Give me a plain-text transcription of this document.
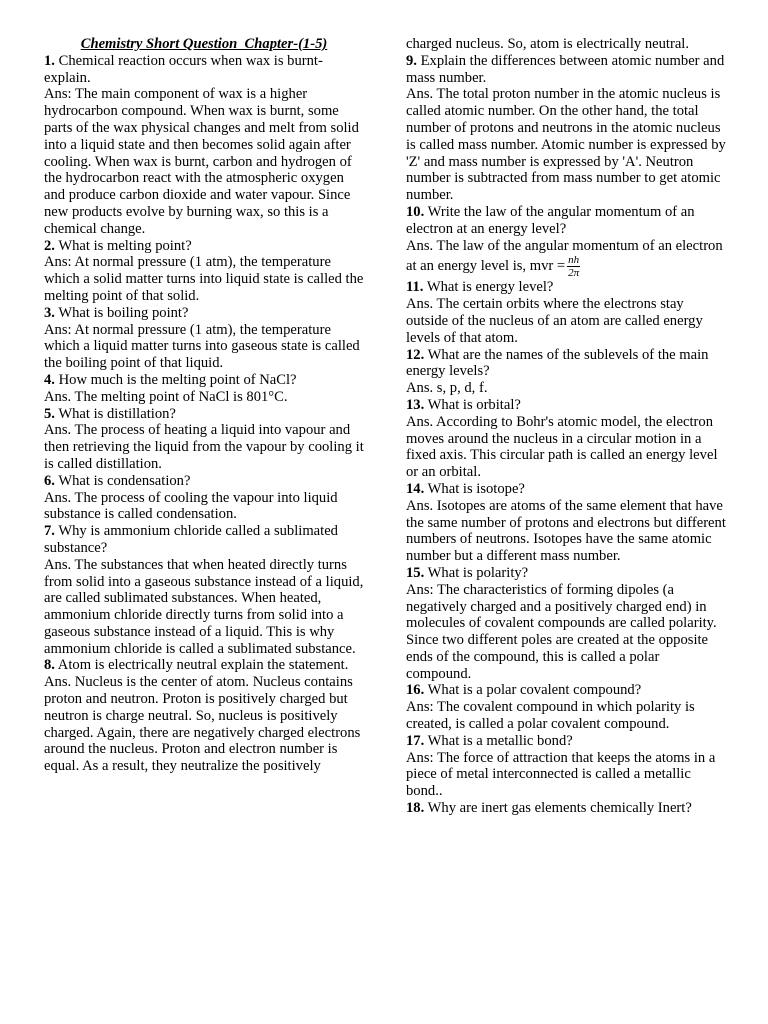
Chemistry Short Question  Chapter-(1-5)

1. Chemical reaction occurs when wax is burnt-explain.

Ans: The main component of wax is a higher hydrocarbon compound. When wax is burnt, some parts of the wax physical changes and melt from solid into a liquid state and then becomes solid again after cooling. When wax is burnt, carbon and hydrogen of the hydrocarbon react with the atmospheric oxygen and produce carbon dioxide and water vapour. Since new products evolve by burning wax, so this is a chemical change.

2. What is melting point?

Ans: At normal pressure (1 atm), the temperature which a solid matter turns into liquid state is called the melting point of that solid.

3. What is boiling point?

Ans: At normal pressure (1 atm), the temperature which a liquid matter turns into gaseous state is called the boiling point of that liquid.

4. How much is the melting point of NaCl?

Ans. The melting point of NaCl is 801°C.

5. What is distillation?

Ans. The process of heating a liquid into vapour and then retrieving the liquid from the vapour by cooling it is called distillation.

6. What is condensation?

Ans. The process of cooling the vapour into liquid substance is called condensation.

7. Why is ammonium chloride called a sublimated substance?

Ans. The substances that when heated directly turns from solid into a gaseous substance instead of a liquid, are called sublimated substances. When heated, ammonium chloride directly turns from solid into a gaseous substance instead of a liquid. This is why ammonium chloride is called a sublimated substance.

8. Atom is electrically neutral explain the statement.

Ans. Nucleus is the center of atom. Nucleus contains proton and neutron. Proton is positively charged but neutron is charge neutral. So, nucleus is positively charged. Again, there are negatively charged electrons around the nucleus. Proton and electron number is equal. As a result, they neutralize the positively

charged nucleus. So, atom is electrically neutral.

9. Explain the differences between atomic number and mass number.

Ans. The total proton number in the atomic nucleus is called atomic number. On the other hand, the total number of protons and neutrons in the atomic nucleus is called mass number. Atomic number is expressed by 'Z' and mass number is expressed by 'A'. Neutron number is subtracted from mass number to get atomic number.

10. Write the law of the angular momentum of an electron at an energy level?

Ans. The law of the angular momentum of an electron at an energy level is, mvr = $\frac{nh}{2\pi}$

11. What is energy level?

Ans. The certain orbits where the electrons stay outside of the nucleus of an atom are called energy levels of that atom.

12. What are the names of the sublevels of the main energy levels?

Ans. s, p, d, f.

13. What is orbital?

Ans. According to Bohr's atomic model, the electron moves around the nucleus in a circular motion in a fixed axis. This circular path is called an energy level or an orbital.

14. What is isotope?

Ans. Isotopes are atoms of the same element that have the same number of protons and electrons but different numbers of neutrons. Isotopes have the same atomic number but a different mass number.

15. What is polarity?

Ans: The characteristics of forming dipoles (a negatively charged and a positively charged end) in molecules of covalent compounds are called polarity. Since two different poles are created at the opposite ends of the compound, this is called a polar compound.

16. What is a polar covalent compound?

Ans: The covalent compound in which polarity is created, is called a polar covalent compound.

17. What is a metallic bond?

Ans: The force of attraction that keeps the atoms in a piece of metal interconnected is called a metallic bond..

18. Why are inert gas elements chemically Inert?
